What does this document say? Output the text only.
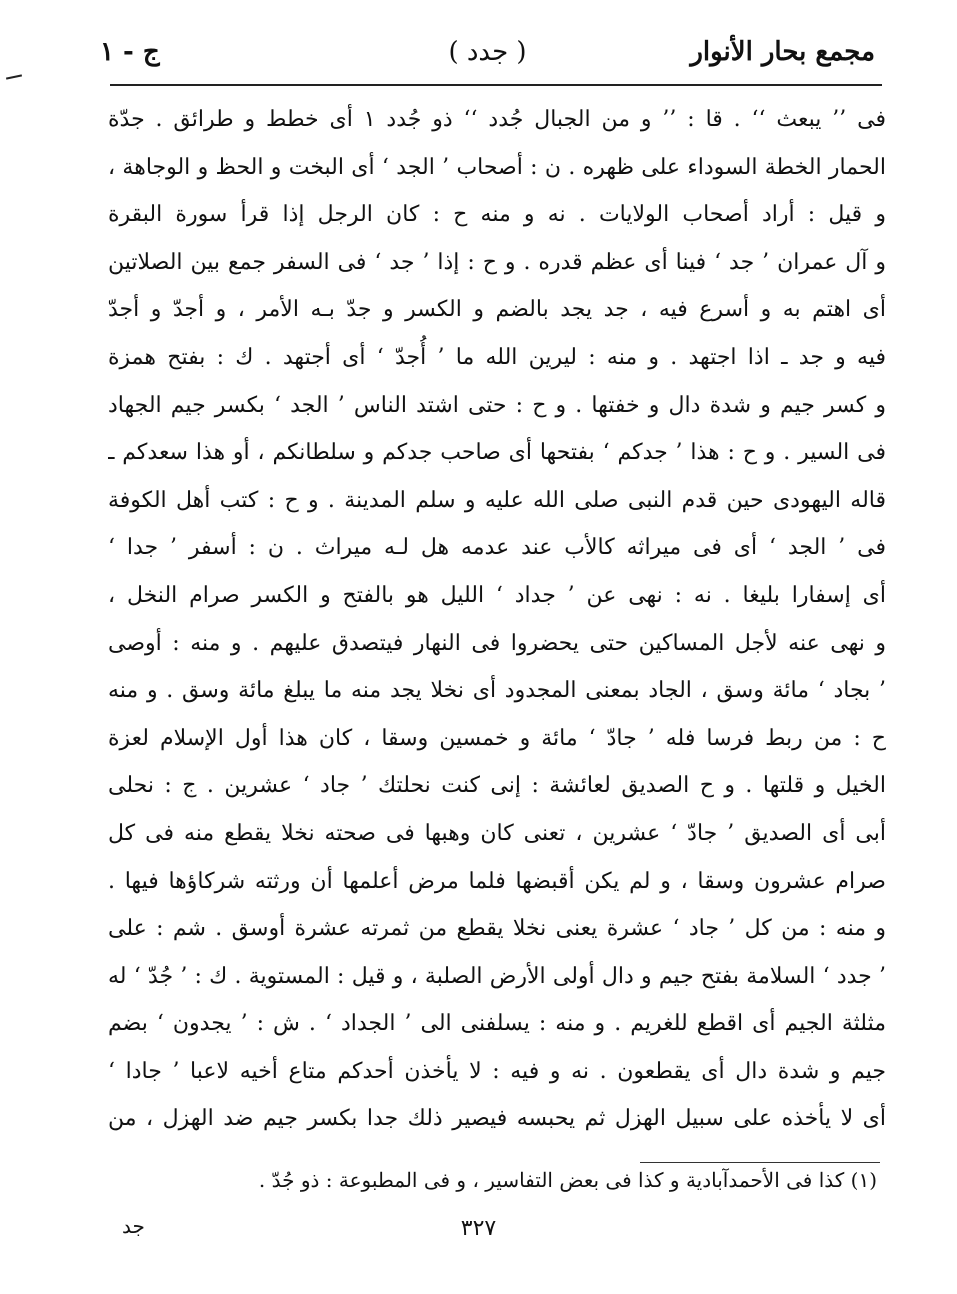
مجمع بحار الأنوار
( جدد )
ج - ١
فى ’’ يبعث ‘‘ . قا : ’’ و من الجبال جُدد ‘‘ ذو جُدد ١ أى خطط و طرائق . جدّة
الحمار الخطة السوداء على ظهره . ن : أصحاب ’ الجد ‘ أى البخت و الحظ و الوجاهة ،
و قيل : أراد أصحاب الولايات . نه و منه ح : كان الرجل إذا قرأ سورة البقرة
و آل عمران ’ جد ‘ فينا أى عظم قدره . و ح : إذا ’ جد ‘ فى السفر جمع بين الصلاتين
أى اهتم به و أسرع فيه ، جد يجد بالضم و الكسر و جدّ بـه الأمر ، و أجدّ و أجدّ
فيه و جد ـ اذا اجتهد . و منه : ليرين الله ما ’ أُجدّ ‘ أى أجتهد . ك : بفتح همزة
و كسر جيم و شدة دال و خفتها . و ح : حتى اشتد الناس ’ الجد ‘ بكسر جيم الجهاد
فى السير . و ح : هذا ’ جدكم ‘ بفتحها أى صاحب جدكم و سلطانكم ، أو هذا سعدكم ـ
قاله اليهودى حين قدم النبى صلى الله عليه و سلم المدينة . و ح : كتب أهل الكوفة
فى ’ الجد ‘ أى فى ميراثه كالأب عند عدمه هل لـه ميراث . ن : أسفر ’ جدا ‘
أى إسفارا بليغا . نه : نهى عن ’ جداد ‘ الليل هو بالفتح و الكسر صرام النخل ،
و نهى عنه لأجل المساكين حتى يحضروا فى النهار فيتصدق عليهم . و منه : أوصى
’ بجاد ‘ مائة وسق ، الجاد بمعنى المجدود أى نخلا يجد منه ما يبلغ مائة وسق . و منه
ح : من ربط فرسا فله ’ جادّ ‘ مائة و خمسين وسقا ، كان هذا أول الإسلام لعزة
الخيل و قلتها . و ح الصديق لعائشة : إنى كنت نحلتك ’ جاد ‘ عشرين . ج : نحلى
أبى أى الصديق ’ جادّ ‘ عشرين ، تعنى كان وهبها فى صحته نخلا يقطع منه فى كل
صرام عشرون وسقا ، و لم يكن أقبضها فلما مرض أعلمها أن ورثته شركاؤها فيها .
و منه : من كل ’ جاد ‘ عشرة يعنى نخلا يقطع من ثمرته عشرة أوسق . شم : على
’ جدد ‘ السلامة بفتح جيم و دال أولى الأرض الصلبة ، و قيل : المستوية . ك : ’ جُدّ ‘ له
مثلثة الجيم أى اقطع للغريم . و منه : يسلفنى الى ’ الجداد ‘ . ش : ’ يجدون ‘ بضم
جيم و شدة دال أى يقطعون . نه و فيه : لا يأخذن أحدكم متاع أخيه لاعبا ’ جادا ‘
أى لا يأخذه على سبيل الهزل ثم يحبسه فيصير ذلك جدا بكسر جيم ضد الهزل ، من
(١) كذا فى الأحمدآبادية و كذا فى بعض التفاسير ، و فى المطبوعة : ذو جُدّ .
٣٢٧
جد
